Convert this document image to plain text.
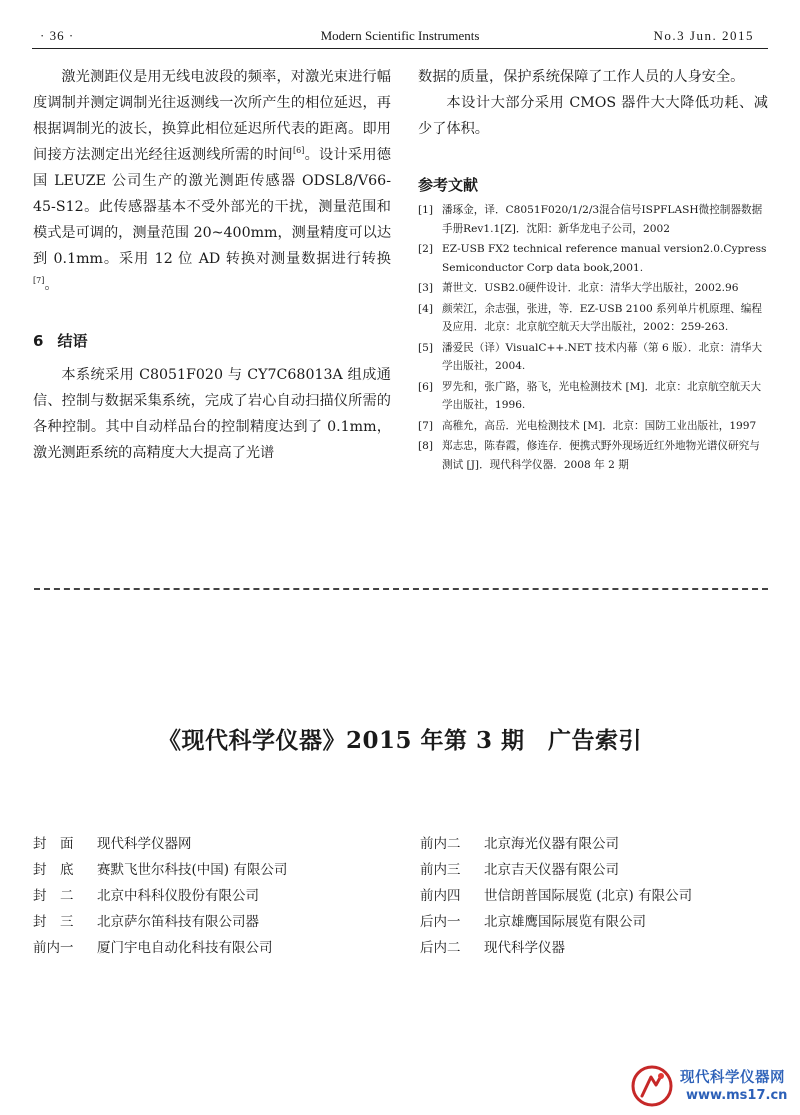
· 36 ·	Modern Scientific Instruments	No.3 Jun. 2015

激光测距仪是用无线电波段的频率，对激光束进行幅度调制并测定调制光往返测线一次所产生的相位延迟，再根据调制光的波长，换算此相位延迟所代表的距离。即用间接方法测定出光经往返测线所需的时间[6]。设计采用德国 LEUZE 公司生产的激光测距传感器 ODSL8/V66-45-S12。此传感器基本不受外部光的干扰，测量范围和模式是可调的，测量范围 20~400mm，测量精度可以达到 0.1mm。采用 12 位 AD 转换对测量数据进行转换[7]。

6 结语

本系统采用 C8051F020 与 CY7C68013A 组成通信、控制与数据采集系统，完成了岩心自动扫描仪所需的各种控制。其中自动样品台的控制精度达到了 0.1mm，激光测距系统的高精度大大提高了光谱

数据的质量，保护系统保障了工作人员的人身安全。

本设计大部分采用 CMOS 器件大大降低功耗、减少了体积。

参考文献
[1] 潘琢金，译．C8051F020/1/2/3混合信号ISPFLASH微控制器数据手册Rev1.1[Z]．沈阳：新华龙电子公司，2002
[2] EZ-USB FX2 technical reference manual version2.0.Cypress Semiconductor Corp data book,2001.
[3] 萧世文．USB2.0硬件设计．北京：清华大学出版社，2002.96
[4] 颜荣江，余志强，张进，等．EZ-USB 2100 系列单片机原理、编程及应用．北京：北京航空航天大学出版社，2002：259-263.
[5] 潘爱民（译）VisualC++.NET 技术内幕（第 6 版）．北京：清华大学出版社，2004.
[6] 罗先和，张广路，骆飞，光电检测技术 [M]．北京：北京航空航天大学出版社，1996.
[7] 高稚允，高岳．光电检测技术 [M]．北京：国防工业出版社，1997
[8] 郑志忠，陈春霞，修连存．便携式野外现场近红外地物光谱仪研究与测试 [J]．现代科学仪器．2008 年 2 期
《现代科学仪器》2015 年第 3 期　广告索引
封　面 现代科学仪器网
封　底 赛默飞世尔科技(中国) 有限公司
封　二 北京中科科仪股份有限公司
封　三 北京萨尔笛科技有限公司器
前内一 厦门宇电自动化科技有限公司
前内二 北京海光仪器有限公司
前内三 北京吉天仪器有限公司
前内四 世信朗普国际展览 (北京) 有限公司
后内一 北京雄鹰国际展览有限公司
后内二 现代科学仪器
现代科学仪器网
www.ms17.cn
